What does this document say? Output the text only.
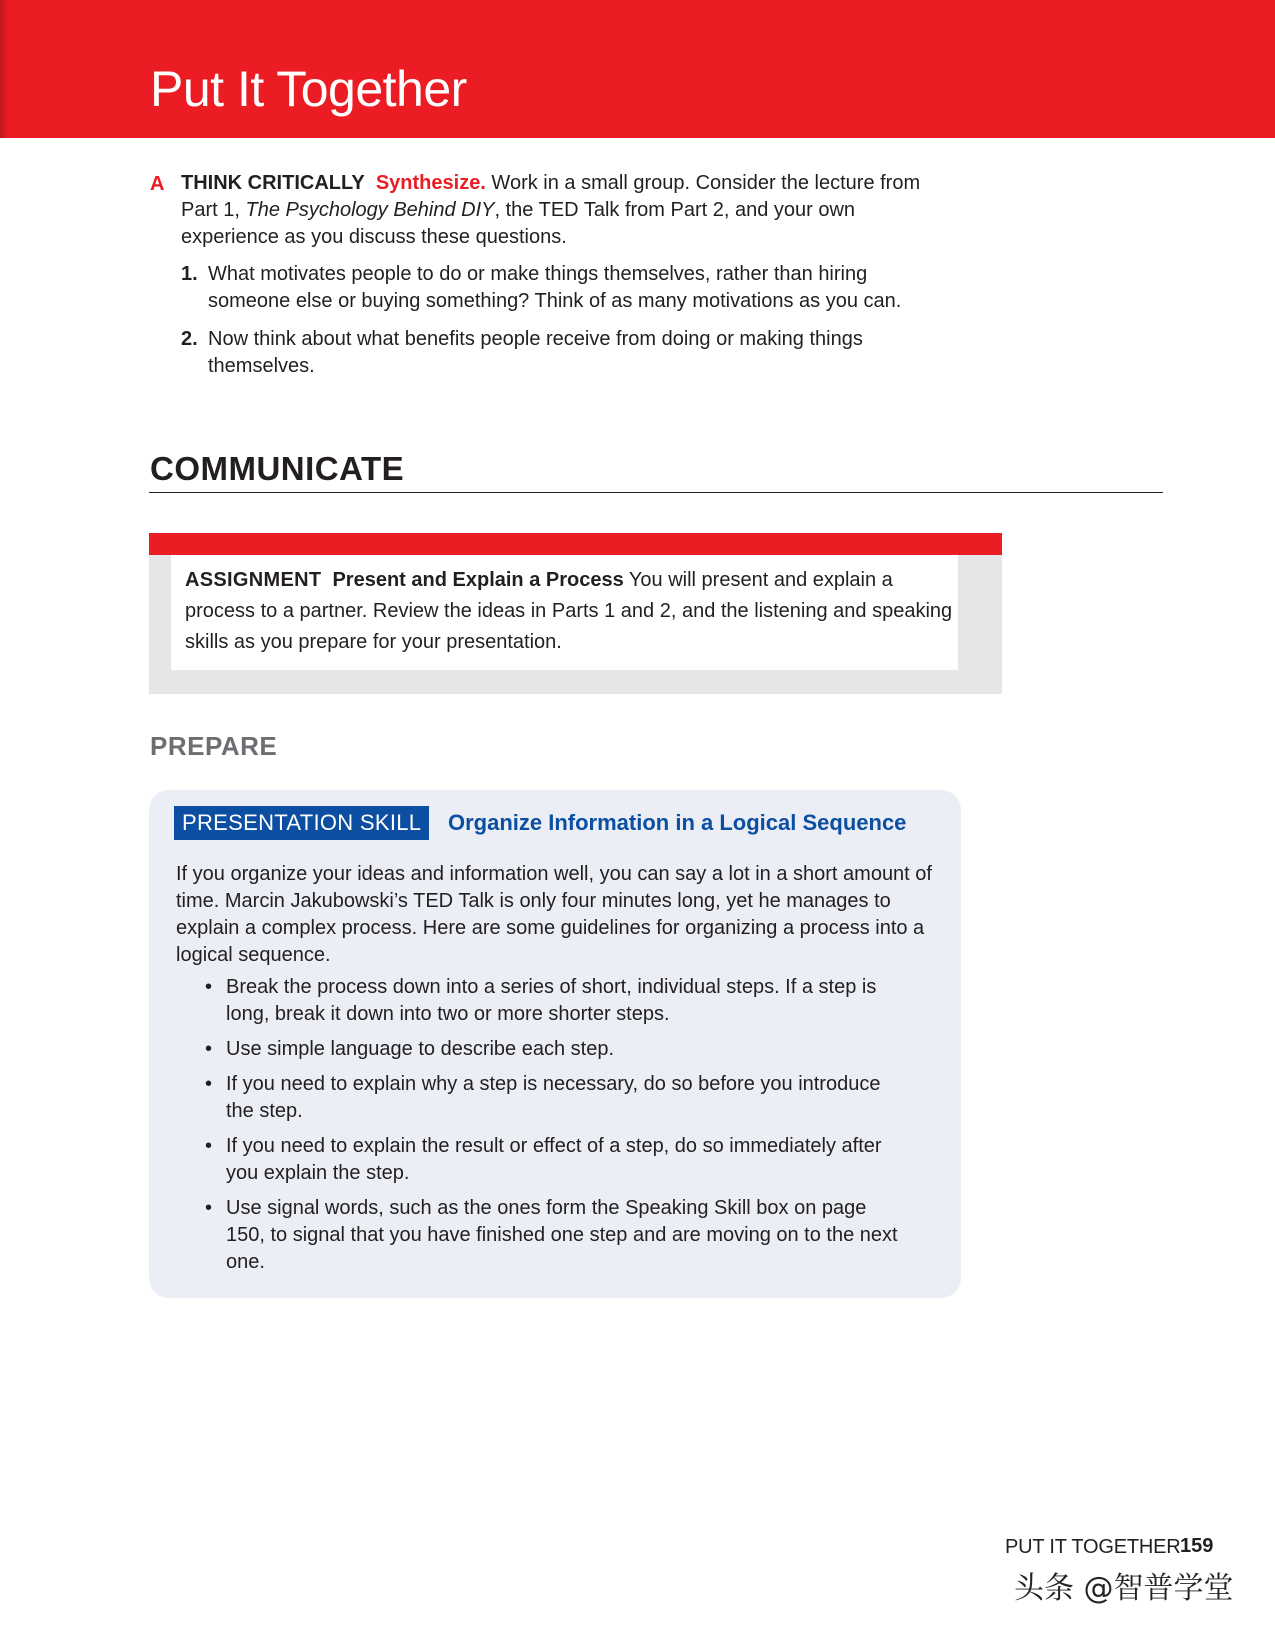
Put It Together
A THINK CRITICALLY Synthesize. Work in a small group. Consider the lecture from Part 1, The Psychology Behind DIY, the TED Talk from Part 2, and your own experience as you discuss these questions.
1. What motivates people to do or make things themselves, rather than hiring someone else or buying something? Think of as many motivations as you can.
2. Now think about what benefits people receive from doing or making things themselves.
COMMUNICATE
ASSIGNMENT Present and Explain a Process You will present and explain a process to a partner. Review the ideas in Parts 1 and 2, and the listening and speaking skills as you prepare for your presentation.
PREPARE
PRESENTATION SKILL	Organize Information in a Logical Sequence
If you organize your ideas and information well, you can say a lot in a short amount of time. Marcin Jakubowski’s TED Talk is only four minutes long, yet he manages to explain a complex process. Here are some guidelines for organizing a process into a logical sequence.
• Break the process down into a series of short, individual steps. If a step is long, break it down into two or more shorter steps.
• Use simple language to describe each step.
• If you need to explain why a step is necessary, do so before you introduce the step.
• If you need to explain the result or effect of a step, do so immediately after you explain the step.
• Use signal words, such as the ones form the Speaking Skill box on page 150, to signal that you have finished one step and are moving on to the next one.
PUT IT TOGETHER 159
头条 @智普学堂
